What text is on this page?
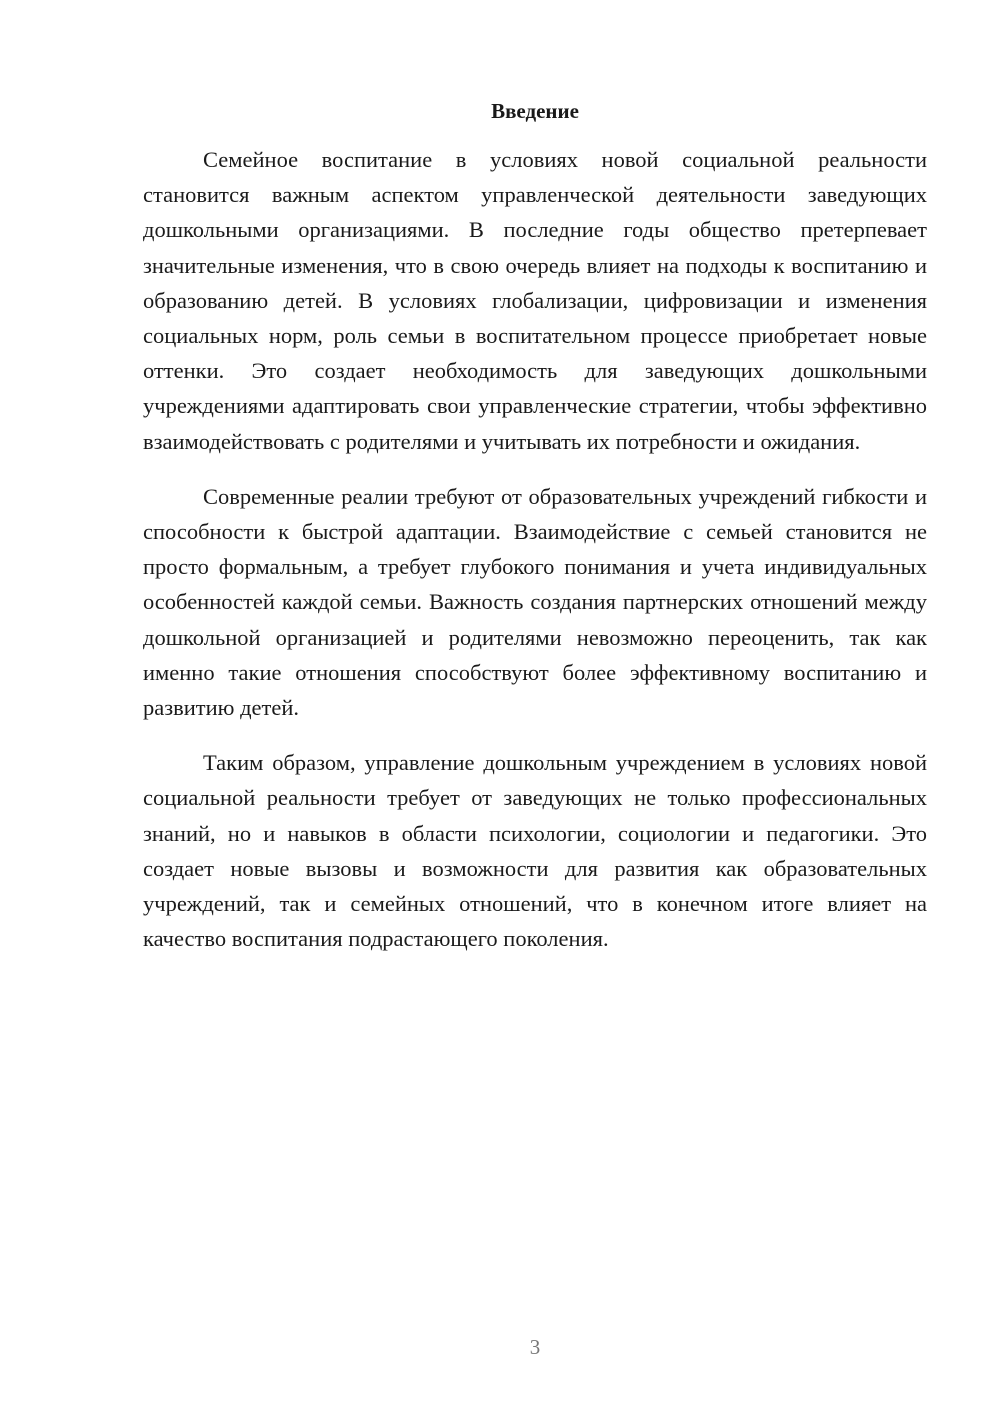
Введение

Семейное воспитание в условиях новой социальной реальности становится важным аспектом управленческой деятельности заведующих дошкольными организациями. В последние годы общество претерпевает значительные изменения, что в свою очередь влияет на подходы к воспитанию и образованию детей. В условиях глобализации, цифровизации и изменения социальных норм, роль семьи в воспитательном процессе приобретает новые оттенки. Это создает необходимость для заведующих дошкольными учреждениями адаптировать свои управленческие стратегии, чтобы эффективно взаимодействовать с родителями и учитывать их потребности и ожидания.

Современные реалии требуют от образовательных учреждений гибкости и способности к быстрой адаптации. Взаимодействие с семьей становится не просто формальным, а требует глубокого понимания и учета индивидуальных особенностей каждой семьи. Важность создания партнерских отношений между дошкольной организацией и родителями невозможно переоценить, так как именно такие отношения способствуют более эффективному воспитанию и развитию детей.

Таким образом, управление дошкольным учреждением в условиях новой социальной реальности требует от заведующих не только профессиональных знаний, но и навыков в области психологии, социологии и педагогики. Это создает новые вызовы и возможности для развития как образовательных учреждений, так и семейных отношений, что в конечном итоге влияет на качество воспитания подрастающего поколения.

3
